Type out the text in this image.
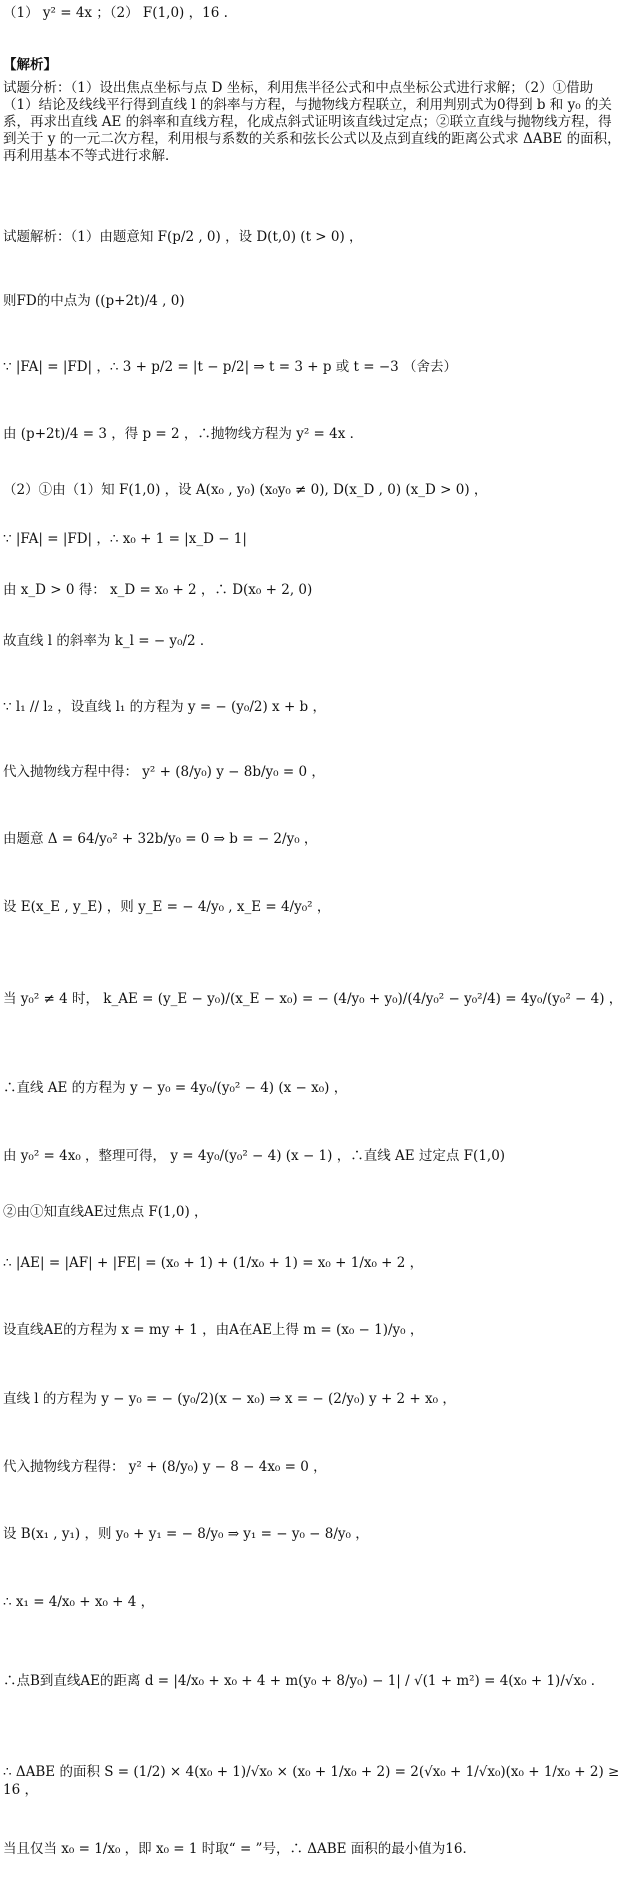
（1） y² = 4x ；（2） F(1,0) ，16 .
【解析】
试题分析：（1）设出焦点坐标与点 D 坐标，利用焦半径公式和中点坐标公式进行求解；（2）①借助（1）结论及线线平行得到直线 l 的斜率与方程，与抛物线方程联立，利用判别式为0得到 b 和 y₀ 的关系，再求出直线 AE 的斜率和直线方程，化成点斜式证明该直线过定点；②联立直线与抛物线方程，得到关于 y 的一元二次方程，利用根与系数的关系和弦长公式以及点到直线的距离公式求 ΔABE 的面积，再利用基本不等式进行求解．
试题解析：（1）由题意知 F(p/2 , 0) ，设 D(t,0) (t > 0) ，
则FD的中点为 ((p+2t)/4 , 0)
∵ |FA| = |FD| ，∴ 3 + p/2 = |t − p/2| ⇒ t = 3 + p 或 t = −3 （舍去）
由 (p+2t)/4 = 3 ，得 p = 2 ，∴抛物线方程为 y² = 4x ．
（2）①由（1）知 F(1,0) ，设 A(x₀ , y₀) (x₀y₀ ≠ 0), D(x_D , 0) (x_D > 0) ，
∵ |FA| = |FD| ，∴ x₀ + 1 = |x_D − 1|
由 x_D > 0 得： x_D = x₀ + 2 ，∴ D(x₀ + 2, 0)
故直线 l 的斜率为 k_l = − y₀/2 ．
∵ l₁ // l₂ ，设直线 l₁ 的方程为 y = − (y₀/2) x + b ，
代入抛物线方程中得： y² + (8/y₀) y − 8b/y₀ = 0 ，
由题意 Δ = 64/y₀² + 32b/y₀ = 0 ⇒ b = − 2/y₀ ，
设 E(x_E , y_E) ，则 y_E = − 4/y₀ , x_E = 4/y₀² ，
当 y₀² ≠ 4 时， k_AE = (y_E − y₀)/(x_E − x₀) = − (4/y₀ + y₀)/(4/y₀² − y₀²/4) = 4y₀/(y₀² − 4) ，
∴直线 AE 的方程为 y − y₀ = 4y₀/(y₀² − 4) (x − x₀) ，
由 y₀² = 4x₀ ，整理可得， y = 4y₀/(y₀² − 4) (x − 1) ，∴直线 AE 过定点 F(1,0)
②由①知直线AE过焦点 F(1,0) ，
∴ |AE| = |AF| + |FE| = (x₀ + 1) + (1/x₀ + 1) = x₀ + 1/x₀ + 2 ，
设直线AE的方程为 x = my + 1 ，由A在AE上得 m = (x₀ − 1)/y₀ ，
直线 l 的方程为 y − y₀ = − (y₀/2)(x − x₀) ⇒ x = − (2/y₀) y + 2 + x₀ ，
代入抛物线方程得： y² + (8/y₀) y − 8 − 4x₀ = 0 ，
设 B(x₁ , y₁) ，则 y₀ + y₁ = − 8/y₀ ⇒ y₁ = − y₀ − 8/y₀ ，
∴ x₁ = 4/x₀ + x₀ + 4 ，
∴点B到直线AE的距离 d = |4/x₀ + x₀ + 4 + m(y₀ + 8/y₀) − 1| / √(1 + m²) = 4(x₀ + 1)/√x₀ ．
∴ ΔABE 的面积 S = (1/2) × 4(x₀ + 1)/√x₀ × (x₀ + 1/x₀ + 2) = 2(√x₀ + 1/√x₀)(x₀ + 1/x₀ + 2) ≥ 16 ，
当且仅当 x₀ = 1/x₀ ，即 x₀ = 1 时取“ = ”号，∴ ΔABE 面积的最小值为16．
